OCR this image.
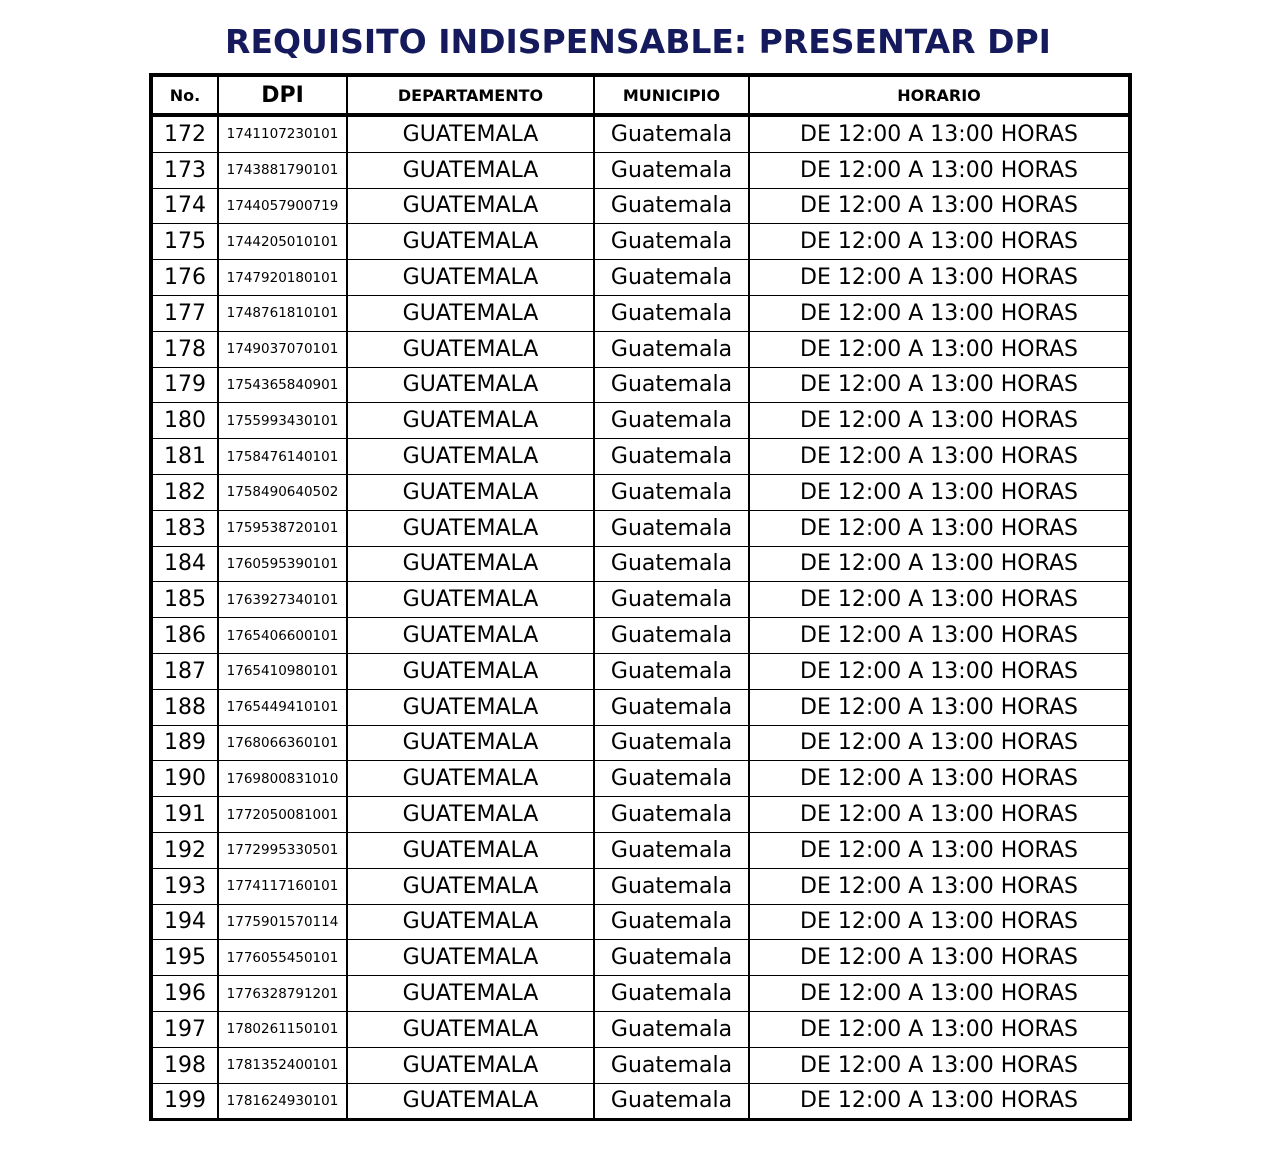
REQUISITO INDISPENSABLE: PRESENTAR DPI
No.	DPI	DEPARTAMENTO	MUNICIPIO	HORARIO
172	1741107230101	GUATEMALA	Guatemala	DE 12:00 A 13:00 HORAS
173	1743881790101	GUATEMALA	Guatemala	DE 12:00 A 13:00 HORAS
174	1744057900719	GUATEMALA	Guatemala	DE 12:00 A 13:00 HORAS
175	1744205010101	GUATEMALA	Guatemala	DE 12:00 A 13:00 HORAS
176	1747920180101	GUATEMALA	Guatemala	DE 12:00 A 13:00 HORAS
177	1748761810101	GUATEMALA	Guatemala	DE 12:00 A 13:00 HORAS
178	1749037070101	GUATEMALA	Guatemala	DE 12:00 A 13:00 HORAS
179	1754365840901	GUATEMALA	Guatemala	DE 12:00 A 13:00 HORAS
180	1755993430101	GUATEMALA	Guatemala	DE 12:00 A 13:00 HORAS
181	1758476140101	GUATEMALA	Guatemala	DE 12:00 A 13:00 HORAS
182	1758490640502	GUATEMALA	Guatemala	DE 12:00 A 13:00 HORAS
183	1759538720101	GUATEMALA	Guatemala	DE 12:00 A 13:00 HORAS
184	1760595390101	GUATEMALA	Guatemala	DE 12:00 A 13:00 HORAS
185	1763927340101	GUATEMALA	Guatemala	DE 12:00 A 13:00 HORAS
186	1765406600101	GUATEMALA	Guatemala	DE 12:00 A 13:00 HORAS
187	1765410980101	GUATEMALA	Guatemala	DE 12:00 A 13:00 HORAS
188	1765449410101	GUATEMALA	Guatemala	DE 12:00 A 13:00 HORAS
189	1768066360101	GUATEMALA	Guatemala	DE 12:00 A 13:00 HORAS
190	1769800831010	GUATEMALA	Guatemala	DE 12:00 A 13:00 HORAS
191	1772050081001	GUATEMALA	Guatemala	DE 12:00 A 13:00 HORAS
192	1772995330501	GUATEMALA	Guatemala	DE 12:00 A 13:00 HORAS
193	1774117160101	GUATEMALA	Guatemala	DE 12:00 A 13:00 HORAS
194	1775901570114	GUATEMALA	Guatemala	DE 12:00 A 13:00 HORAS
195	1776055450101	GUATEMALA	Guatemala	DE 12:00 A 13:00 HORAS
196	1776328791201	GUATEMALA	Guatemala	DE 12:00 A 13:00 HORAS
197	1780261150101	GUATEMALA	Guatemala	DE 12:00 A 13:00 HORAS
198	1781352400101	GUATEMALA	Guatemala	DE 12:00 A 13:00 HORAS
199	1781624930101	GUATEMALA	Guatemala	DE 12:00 A 13:00 HORAS
